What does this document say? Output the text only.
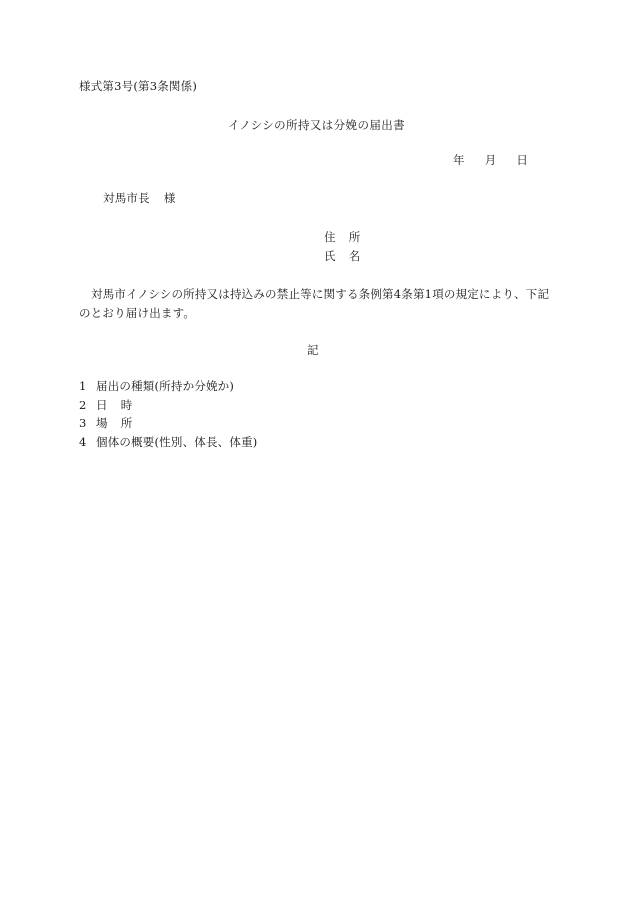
様式第3号(第3条関係)
イノシシの所持又は分娩の届出書
年 月 日
対馬市長 様
住 所
氏 名
対馬市イノシシの所持又は持込みの禁止等に関する条例第4条第1項の規定により、下記
のとおり届け出ます。
記
1 届出の種類(所持か分娩か)
2 日 時
3 場 所
4 個体の概要(性別、体長、体重)
